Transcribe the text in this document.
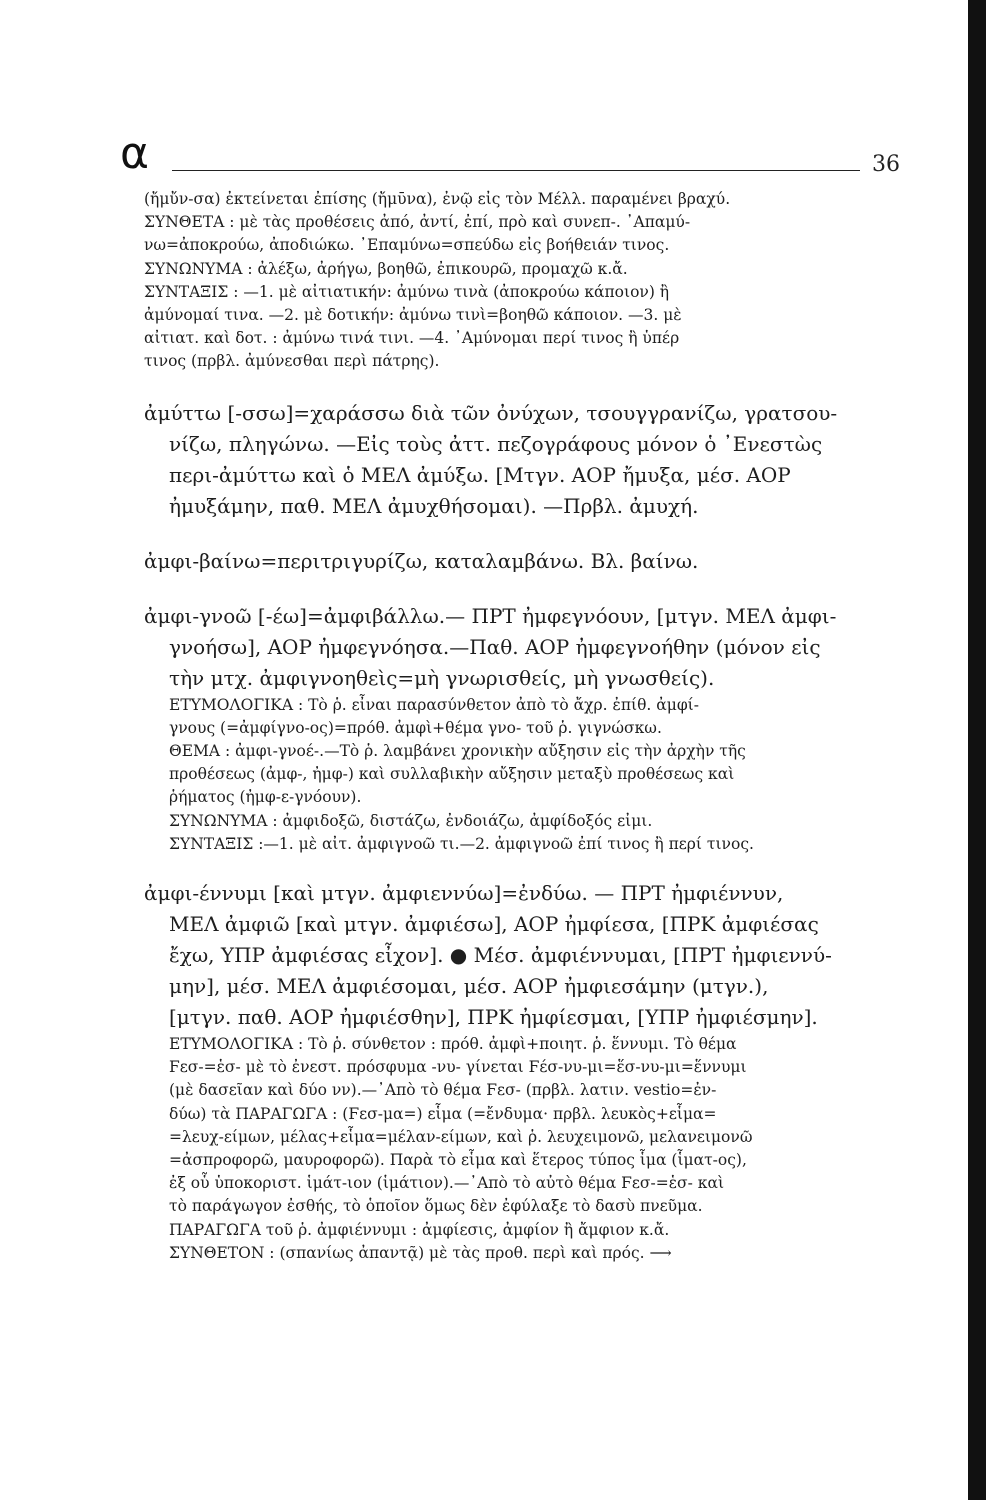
α	36
(ἤμὔν-σα) ἐκτείνεται ἐπίσης (ἤμῡνα), ἐνῷ εἰς τὸν Μέλλ. παραμένει βραχύ.
ΣΥΝΘΕΤΑ : μὲ τὰς προθέσεις ἀπό, ἀντί, ἐπί, πρὸ καὶ συνεπ-. ᾿Απαμύ-
νω=ἀποκρούω, ἀποδιώκω. ᾿Επαμύνω=σπεύδω εἰς βοήθειάν τινος.
ΣΥΝΩΝΥΜΑ : ἀλέξω, ἀρήγω, βοηθῶ, ἐπικουρῶ, προμαχῶ κ.ἄ.
ΣΥΝΤΑΞΙΣ : —1. μὲ αἰτιατικήν: ἀμύνω τινὰ (ἀποκρούω κάποιον) ἢ
ἀμύνομαί τινα. —2. μὲ δοτικήν: ἀμύνω τινὶ=βοηθῶ κάποιον. —3. μὲ
αἰτιατ. καὶ δοτ. : ἀμύνω τινά τινι. —4. ᾿Αμύνομαι περί τινος ἢ ὑπέρ
τινος (πρβλ. ἀμύνεσθαι περὶ πάτρης).
ἀμύττω [-σσω]=χαράσσω διὰ τῶν ὀνύχων, τσουγγρανίζω, γρατσου-
νίζω, πληγώνω. —Εἰς τοὺς ἀττ. πεζογράφους μόνον ὁ ᾿Ενεστὼς
περι-ἀμύττω καὶ ὁ ΜΕΛ ἀμύξω. [Μτγν. ΑΟΡ ἤμυξα, μέσ. ΑΟΡ
ἠμυξάμην, παθ. ΜΕΛ ἀμυχθήσομαι). —Πρβλ. ἀμυχή.
ἀμφι-βαίνω=περιτριγυρίζω, καταλαμβάνω. Βλ. βαίνω.
ἀμφι-γνοῶ [-έω]=ἀμφιβάλλω.— ΠΡΤ ἠμφεγνόουν, [μτγν. ΜΕΛ ἀμφι-
γνοήσω], ΑΟΡ ἠμφεγνόησα.—Παθ. ΑΟΡ ἠμφεγνοήθην (μόνον εἰς
τὴν μτχ. ἀμφιγνοηθεὶς=μὴ γνωρισθείς, μὴ γνωσθείς).
ΕΤΥΜΟΛΟΓΙΚΑ : Τὸ ῥ. εἶναι παρασύνθετον ἀπὸ τὸ ἄχρ. ἐπίθ. ἀμφί-
γνους (=ἀμφίγνο-ος)=πρόθ. ἀμφὶ+θέμα γνο- τοῦ ῥ. γιγνώσκω.
ΘΕΜΑ : ἀμφι-γνοέ-.—Τὸ ῥ. λαμβάνει χρονικὴν αὔξησιν εἰς τὴν ἀρχὴν τῆς
προθέσεως (ἀμφ-, ἠμφ-) καὶ συλλαβικὴν αὔξησιν μεταξὺ προθέσεως καὶ
ῥήματος (ἠμφ-ε-γνόουν).
ΣΥΝΩΝΥΜΑ : ἀμφιδοξῶ, διστάζω, ἐνδοιάζω, ἀμφίδοξός εἰμι.
ΣΥΝΤΑΞΙΣ :—1. μὲ αἰτ. ἀμφιγνοῶ τι.—2. ἀμφιγνοῶ ἐπί τινος ἢ περί τινος.
ἀμφι-έννυμι [καὶ μτγν. ἀμφιεννύω]=ἐνδύω. — ΠΡΤ ἠμφιέννυν,
ΜΕΛ ἀμφιῶ [καὶ μτγν. ἀμφιέσω], ΑΟΡ ἠμφίεσα, [ΠΡΚ ἀμφιέσας
ἔχω, ΥΠΡ ἀμφιέσας εἶχον]. ● Μέσ. ἀμφιέννυμαι, [ΠΡΤ ἠμφιεννύ-
μην], μέσ. ΜΕΛ ἀμφιέσομαι, μέσ. ΑΟΡ ἠμφιεσάμην (μτγν.),
[μτγν. παθ. ΑΟΡ ἠμφιέσθην], ΠΡΚ ἠμφίεσμαι, [ΥΠΡ ἠμφιέσμην].
ΕΤΥΜΟΛΟΓΙΚΑ : Τὸ ῥ. σύνθετον : πρόθ. ἀμφὶ+ποιητ. ῥ. ἕννυμι. Τὸ θέμα
Ϝεσ-=ἑσ- μὲ τὸ ἐνεστ. πρόσφυμα -νυ- γίνεται Ϝέσ-νυ-μι=ἕσ-νυ-μι=ἕννυμι
(μὲ δασεῖαν καὶ δύο νν).—᾿Απὸ τὸ θέμα Ϝεσ- (πρβλ. λατιν. vestio=ἐν-
δύω) τὰ ΠΑΡΑΓΩΓΑ : (Ϝεσ-μα=) εἷμα (=ἔνδυμα· πρβλ. λευκὸς+εἷμα=
=λευχ-είμων, μέλας+εἷμα=μέλαν-είμων, καὶ ῥ. λευχειμονῶ, μελανειμονῶ
=ἀσπροφορῶ, μαυροφορῶ). Παρὰ τὸ εἷμα καὶ ἕτερος τύπος ἷμα (ἷματ-ος),
ἐξ οὗ ὑποκοριστ. ἱμάτ-ιον (ἱμάτιον).—᾿Απὸ τὸ αὐτὸ θέμα Ϝεσ-=ἑσ- καὶ
τὸ παράγωγον ἐσθής, τὸ ὁποῖον ὅμως δὲν ἐφύλαξε τὸ δασὺ πνεῦμα.
ΠΑΡΑΓΩΓΑ τοῦ ῥ. ἀμφιέννυμι : ἀμφίεσις, ἀμφίον ἢ ἄμφιον κ.ἄ.
ΣΥΝΘΕΤΟΝ : (σπανίως ἀπαντᾷ) μὲ τὰς προθ. περὶ καὶ πρός. ⟶
